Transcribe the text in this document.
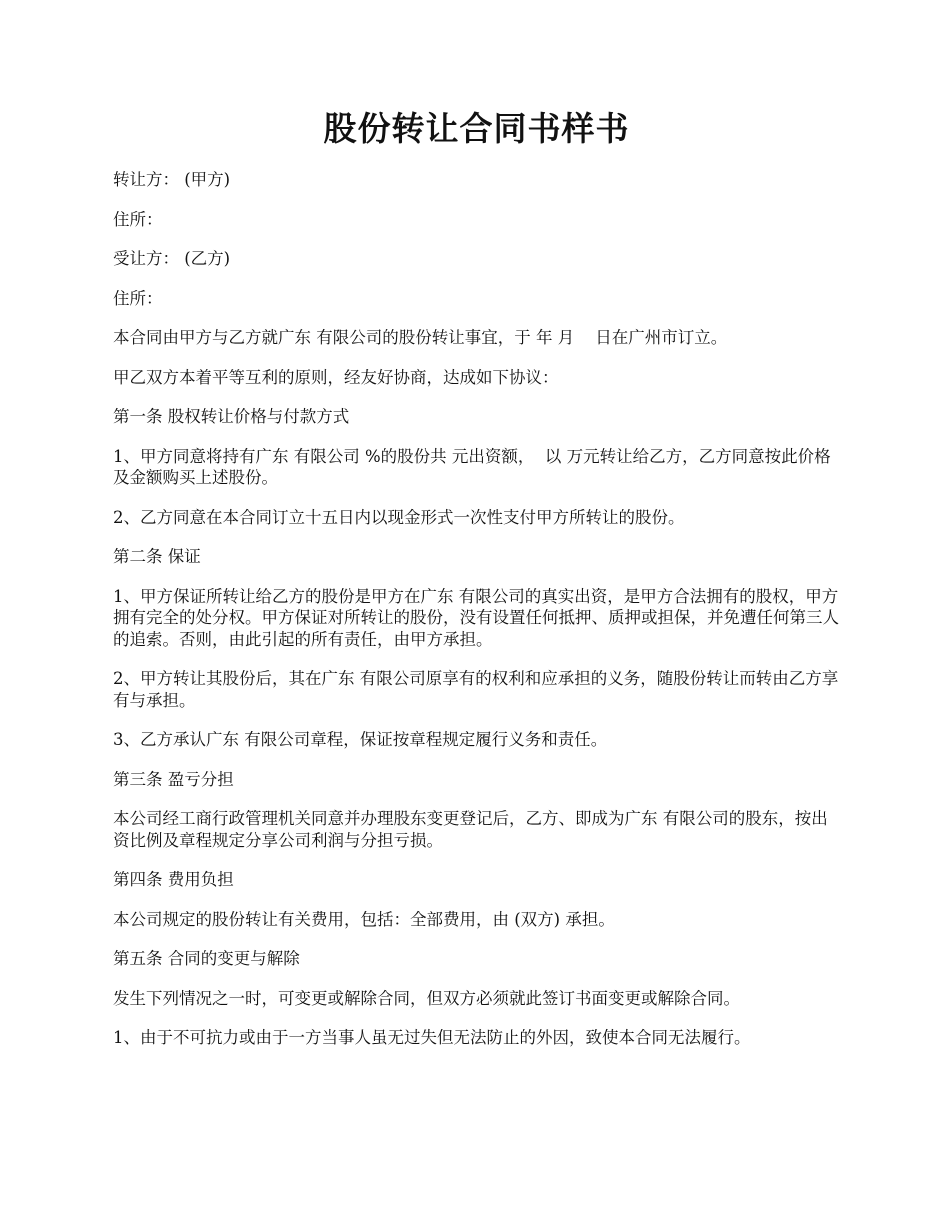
股份转让合同书样书

转让方： (甲方)

住所：

受让方： (乙方)

住所：

本合同由甲方与乙方就广东 有限公司的股份转让事宜，于 年 月    日在广州市订立。

甲乙双方本着平等互利的原则，经友好协商，达成如下协议：

第一条 股权转让价格与付款方式

1、甲方同意将持有广东 有限公司 %的股份共 元出资额，  以 万元转让给乙方，乙方同意按此价格及金额购买上述股份。

2、乙方同意在本合同订立十五日内以现金形式一次性支付甲方所转让的股份。

第二条 保证

1、甲方保证所转让给乙方的股份是甲方在广东 有限公司的真实出资，是甲方合法拥有的股权，甲方拥有完全的处分权。甲方保证对所转让的股份，没有设置任何抵押、质押或担保，并免遭任何第三人的追索。否则，由此引起的所有责任，由甲方承担。

2、甲方转让其股份后，其在广东 有限公司原享有的权利和应承担的义务，随股份转让而转由乙方享有与承担。

3、乙方承认广东 有限公司章程，保证按章程规定履行义务和责任。

第三条 盈亏分担

本公司经工商行政管理机关同意并办理股东变更登记后，乙方、即成为广东 有限公司的股东，按出资比例及章程规定分享公司利润与分担亏损。

第四条 费用负担

本公司规定的股份转让有关费用，包括：全部费用，由 (双方) 承担。

第五条 合同的变更与解除

发生下列情况之一时，可变更或解除合同，但双方必须就此签订书面变更或解除合同。

1、由于不可抗力或由于一方当事人虽无过失但无法防止的外因，致使本合同无法履行。
